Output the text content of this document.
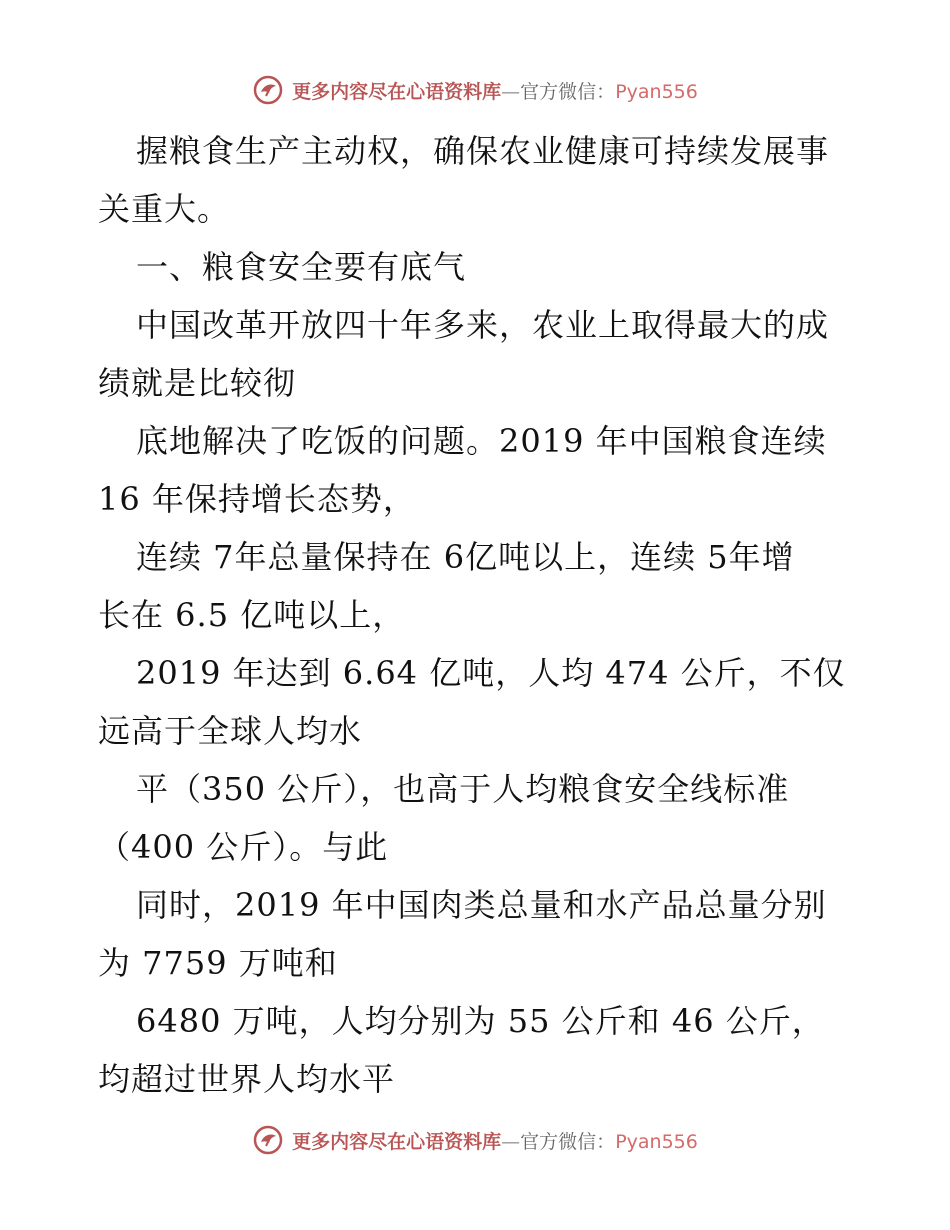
更多内容尽在心语资料库—官方微信：Pyan556
握粮食生产主动权，确保农业健康可持续发展事
关重大。
一、粮食安全要有底气
中国改革开放四十年多来，农业上取得最大的成
绩就是比较彻
底地解决了吃饭的问题。2019 年中国粮食连续
16 年保持增长态势，
连续 7年总量保持在 6亿吨以上，连续 5年增
长在 6.5 亿吨以上，
2019 年达到 6.64 亿吨，人均 474 公斤，不仅
远高于全球人均水
平（350 公斤），也高于人均粮食安全线标准
（400 公斤）。与此
同时，2019 年中国肉类总量和水产品总量分别
为 7759 万吨和
6480 万吨，人均分别为 55 公斤和 46 公斤，
均超过世界人均水平
更多内容尽在心语资料库—官方微信：Pyan556
